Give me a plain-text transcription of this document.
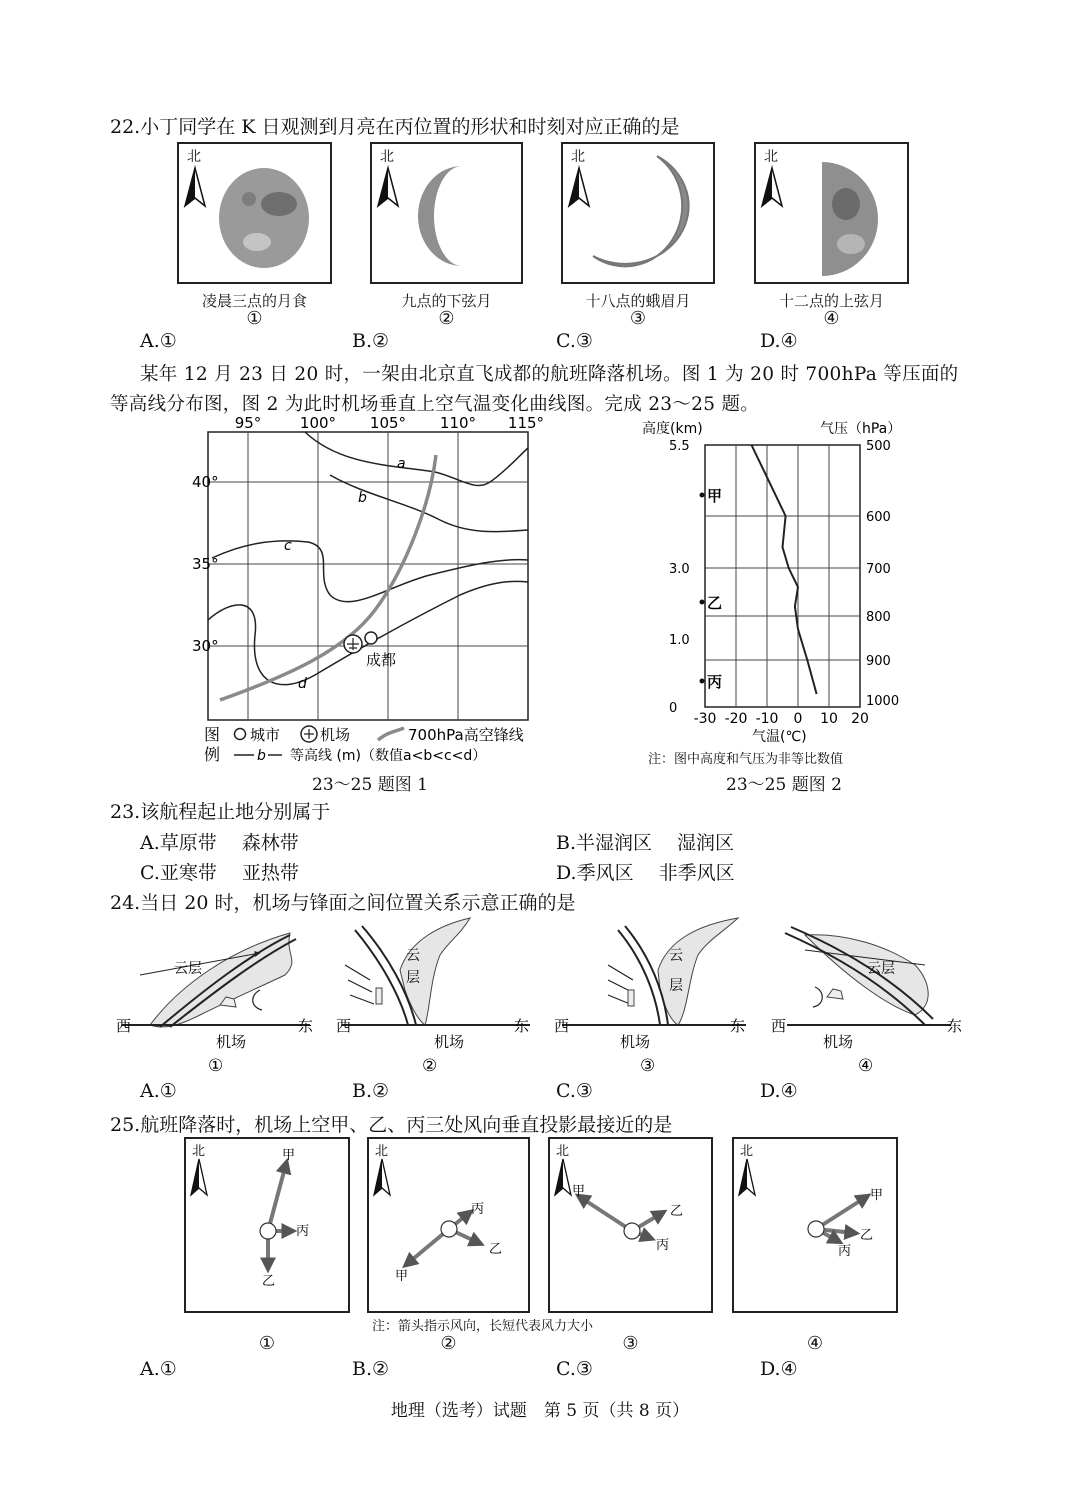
22.小丁同学在 K 日观测到月亮在丙位置的形状和时刻对应正确的是
北	北	北	北
凌晨三点的月食	九点的下弦月	十八点的蛾眉月	十二点的上弦月
①	②	③	④
A.①	B.②	C.③	D.④
某年 12 月 23 日 20 时，一架由北京直飞成都的航班降落机场。图 1 为 20 时 700hPa 等压面的
等高线分布图，图 2 为此时机场垂直上空气温变化曲线图。完成 23～25 题。
95°	100° 105° 110° 115°
40°
35°
30°
a
b
c
d
成都
图
例
城市	机场	700hPa高空锋线
b 等高线 (m)（数值a<b<c<d）
23～25 题图 1
高度(km)	气压（hPa）
-30 -20 -10 0 10 20
500
600
700
800
900
1000
5.5
3.0
1.0
0
甲
乙
丙
气温(℃)
注：图中高度和气压为非等比数值
23～25 题图 2
23.该航程起止地分别属于
A.草原带　 森林带	B.半湿润区　 湿润区
C.亚寒带　 亚热带	D.季风区　 非季风区
24.当日 20 时，机场与锋面之间位置关系示意正确的是
云层
西	东
机场
①
云
层
西	东
机场
②
云
层
西	东
机场
③
云层
西	东
机场
④
A.①	B.②	C.③	D.④
25.航班降落时，机场上空甲、乙、丙三处风向垂直投影最接近的是
北	甲
丙
乙
北
甲
丙
乙
北
甲
乙
丙
北
甲
乙
丙
注：箭头指示风向，长短代表风力大小
①	②	③	④
A.①	B.②	C.③	D.④
地理（选考）试题　第 5 页（共 8 页）
